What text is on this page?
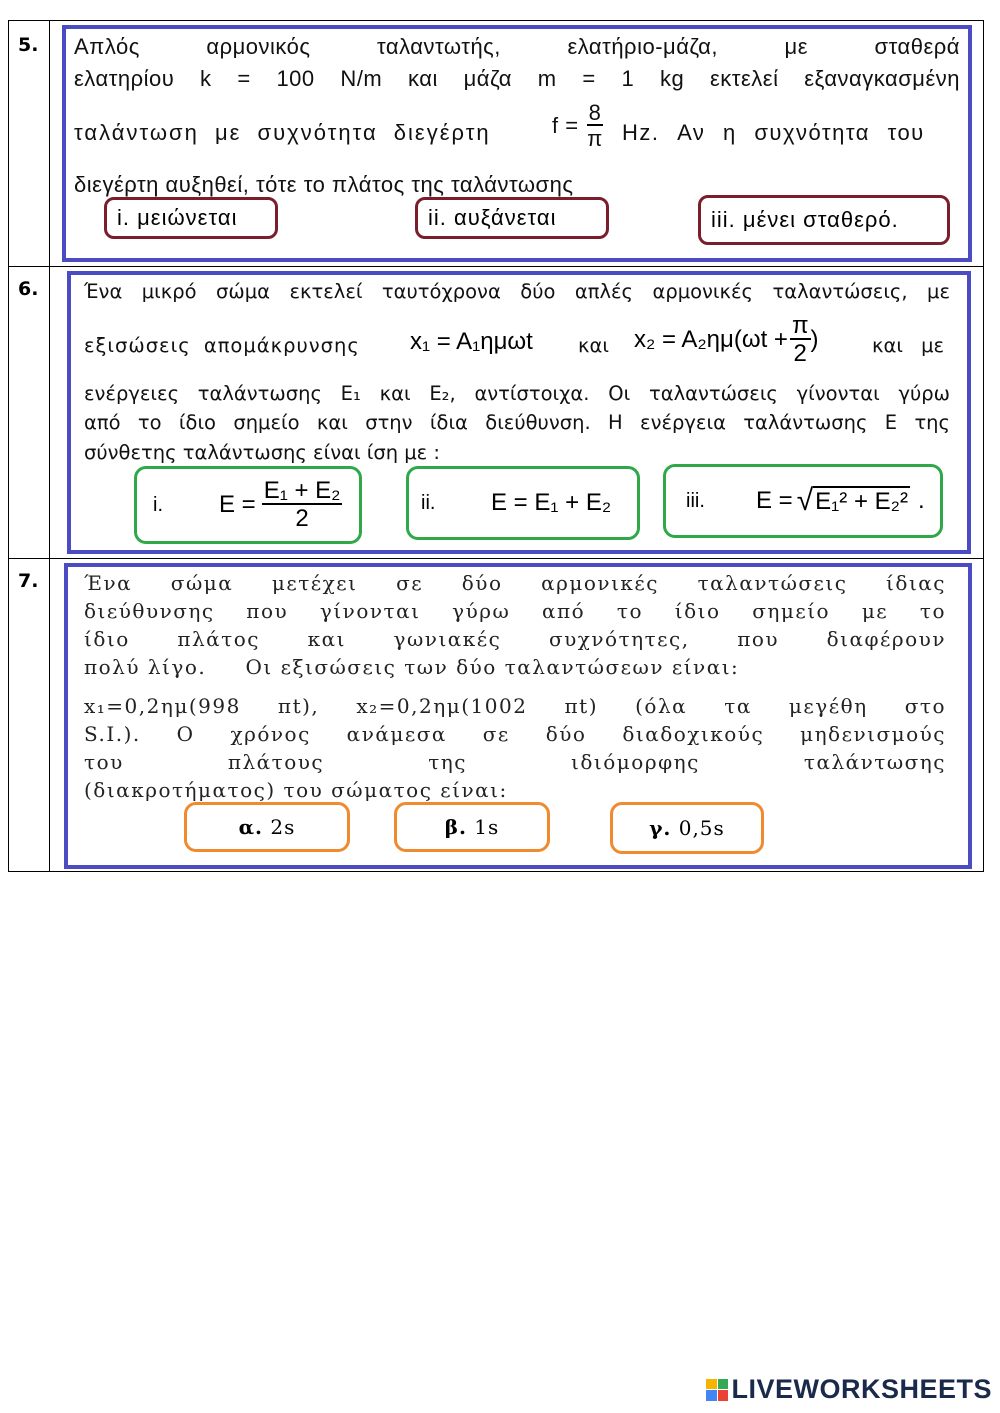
5. Απλός αρμονικός ταλαντωτής, ελατήριο-μάζα, με σταθερά
ελατηρίου k = 100 N/m και μάζα m = 1 kg εκτελεί εξαναγκασμένη
ταλάντωση με συχνότητα διεγέρτη	$f = \frac{8}{\pi} Hz$. Αν η συχνότητα του
διεγέρτη αυξηθεί, τότε το πλάτος της ταλάντωσης
i. μειώνεται	ii. αυξάνεται	iii. μένει σταθερό.
6. Ένα μικρό σώμα εκτελεί ταυτόχρονα δύο απλές αρμονικές ταλαντώσεις, με
εξισώσεις απομάκρυνσης x₁ = A₁ημωt και $x_2 = A_2\eta\mu(\omega t + \frac{\pi}{2}$ )	και με
ενέργειες ταλάντωσης Ε₁ και Ε₂, αντίστοιχα. Οι ταλαντώσεις γίνονται γύρω
από το ίδιο σημείο και στην ίδια διεύθυνση. Η ενέργεια ταλάντωσης Ε της
σύνθετης ταλάντωσης είναι ίση με :
i.	$E = \frac{\text{E₁ + E₂}}{2}$	ii.	E = E₁ + E₂	iii.	E = √ E₁² + E₂² .
7. Ένα σώμα μετέχει σε δύο αρμονικές ταλαντώσεις ίδιας
διεύθυνσης που γίνονται γύρω από το ίδιο σημείο με το
ίδιο πλάτος και γωνιακές συχνότητες, που διαφέρουν
πολύ λίγο.     Οι εξισώσεις των δύο ταλαντώσεων είναι:
x₁=0,2ημ(998 πt), x₂=0,2ημ(1002 πt) (όλα τα μεγέθη στο
S.I.). Ο χρόνος ανάμεσα σε δύο διαδοχικούς μηδενισμούς
του πλάτους της ιδιόμορφης ταλάντωσης
(διακροτήματος) του σώματος είναι:
α.
2s	β.
1s	γ.
0,5s
LIVEWORKSHEETS
